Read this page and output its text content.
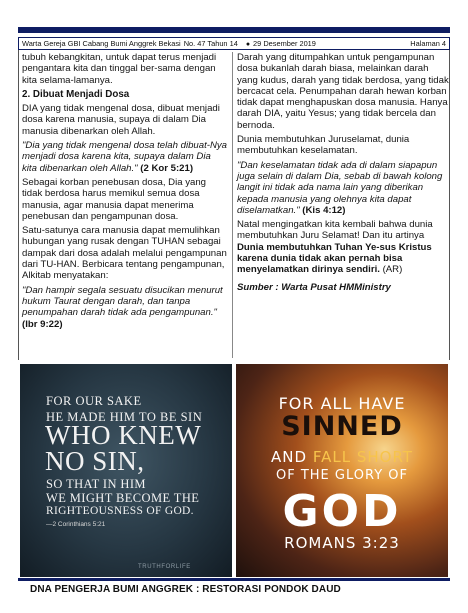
Warta Gereja GBI Cabang Bumi Anggrek Bekasi No. 47 Tahun 14 ● 29 Desember 2019	Halaman 4

tubuh kebangkitan, untuk dapat terus menjadi pengantara kita dan tinggal ber-sama dengan kita selama-lamanya.

2. Dibuat Menjadi Dosa

DIA yang tidak mengenal dosa, dibuat menjadi dosa karena manusia, supaya di dalam Dia manusia dibenarkan oleh Allah.

"Dia yang tidak mengenal dosa telah dibuat-Nya menjadi dosa karena kita, supaya dalam Dia kita dibenarkan oleh Allah." (2 Kor 5:21)

Sebagai korban penebusan dosa, Dia yang tidak berdosa harus memikul semua dosa manusia, agar manusia dapat menerima penebusan dan pengampunan dosa.

Satu-satunya cara manusia dapat memulihkan hubungan yang rusak dengan TUHAN sebagai dampak dari dosa adalah melalui pengampunan dari TU-HAN. Berbicara tentang pengampunan, Alkitab menyatakan:

"Dan hampir segala sesuatu disucikan menurut hukum Taurat dengan darah, dan tanpa penumpahan darah tidak ada pengampunan." (Ibr 9:22)

Darah yang ditumpahkan untuk pengampunan dosa bukanlah darah biasa, melainkan darah yang kudus, darah yang tidak berdosa, yang tidak bercacat cela. Penumpahan darah hewan korban tidak dapat menghapuskan dosa manusia. Hanya darah DIA, yaitu Yesus; yang tidak bercela dan bernoda.

Dunia membutuhkan Juruselamat, dunia membutuhkan keselamatan.

"Dan keselamatan tidak ada di dalam siapapun juga selain di dalam Dia, sebab di bawah kolong langit ini tidak ada nama lain yang diberikan kepada manusia yang olehnya kita dapat diselamatkan." (Kis 4:12)

Natal mengingatkan kita kembali bahwa dunia membutuhkan Juru Selamat! Dan itu artinya Dunia membutuhkan Tuhan Ye-sus Kristus karena dunia tidak akan pernah bisa menyelamatkan dirinya sendiri. (AR)

Sumber : Warta Pusat HMMinistry

FOR OUR SAKE
HE MADE HIM TO BE SIN
WHO KNEW
NO SIN,
SO THAT IN HIM
WE MIGHT BECOME THE
RIGHTEOUSNESS OF GOD.
—2 Corinthians 5:21
TRUTHFORLIFE
FOR ALL HAVE
SINNED
AND FALL SHORT
OF THE GLORY OF
GOD
ROMANS 3:23
DNA PENGERJA BUMI ANGGREK : RESTORASI PONDOK DAUD
